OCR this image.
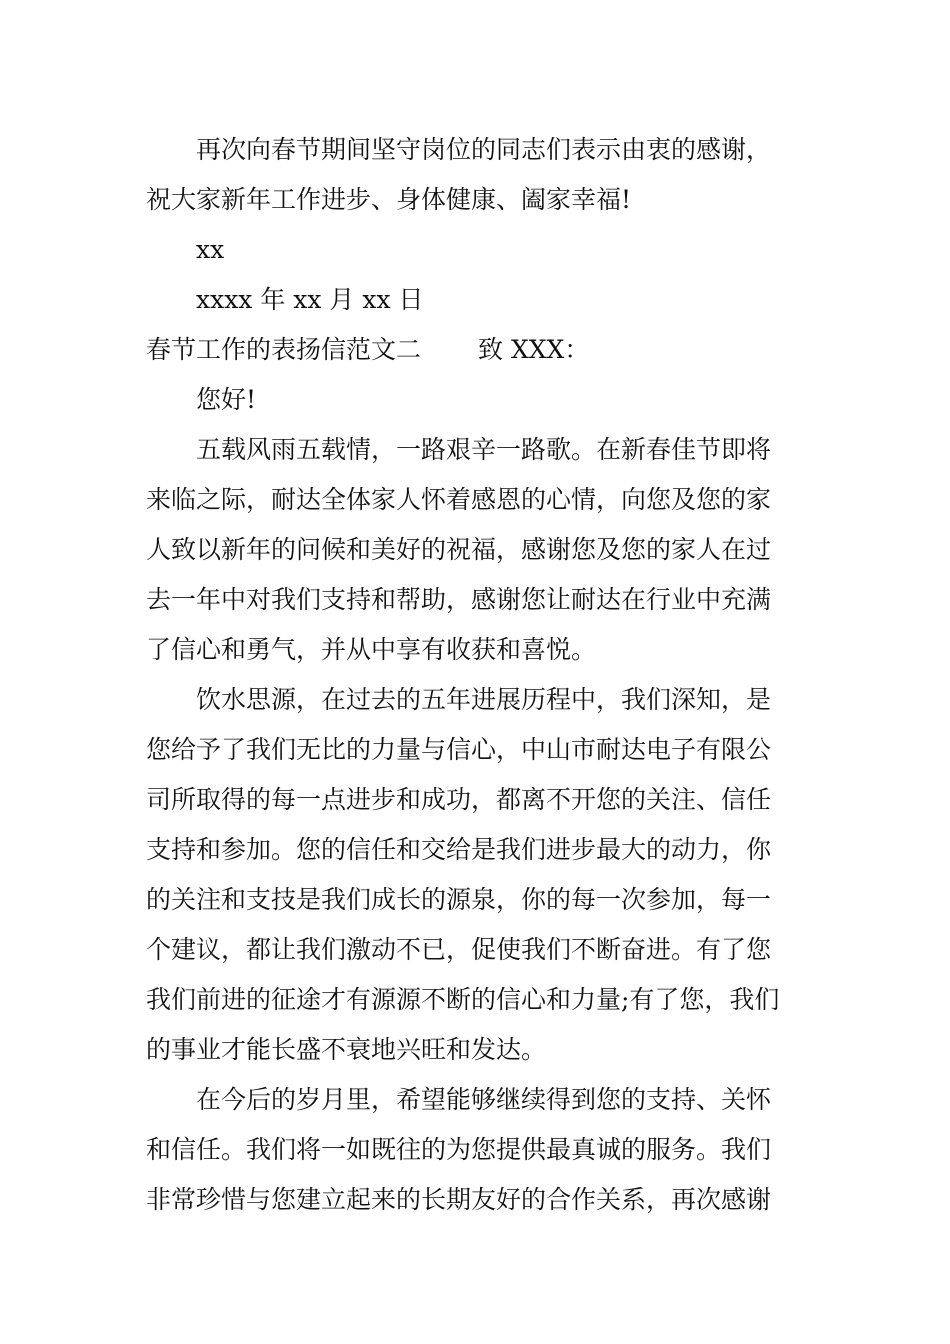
再次向春节期间坚守岗位的同志们表示由衷的感谢，
祝大家新年工作进步、身体健康、阖家幸福!
xx
xxxx 年 xx 月 xx 日
春节工作的表扬信范文二 致 XXX：
您好!
五载风雨五载情，一路艰辛一路歌。在新春佳节即将
来临之际，耐达全体家人怀着感恩的心情，向您及您的家
人致以新年的问候和美好的祝福，感谢您及您的家人在过
去一年中对我们支持和帮助，感谢您让耐达在行业中充满
了信心和勇气，并从中享有收获和喜悦。
饮水思源，在过去的五年进展历程中，我们深知，是
您给予了我们无比的力量与信心，中山市耐达电子有限公
司所取得的每一点进步和成功，都离不开您的关注、信任
支持和参加。您的信任和交给是我们进步最大的动力，你
的关注和支技是我们成长的源泉，你的每一次参加，每一
个建议，都让我们激动不已，促使我们不断奋进。有了您
我们前进的征途才有源源不断的信心和力量;有了您，我们
的事业才能长盛不衰地兴旺和发达。
在今后的岁月里，希望能够继续得到您的支持、关怀
和信任。我们将一如既往的为您提供最真诚的服务。我们
非常珍惜与您建立起来的长期友好的合作关系，再次感谢
